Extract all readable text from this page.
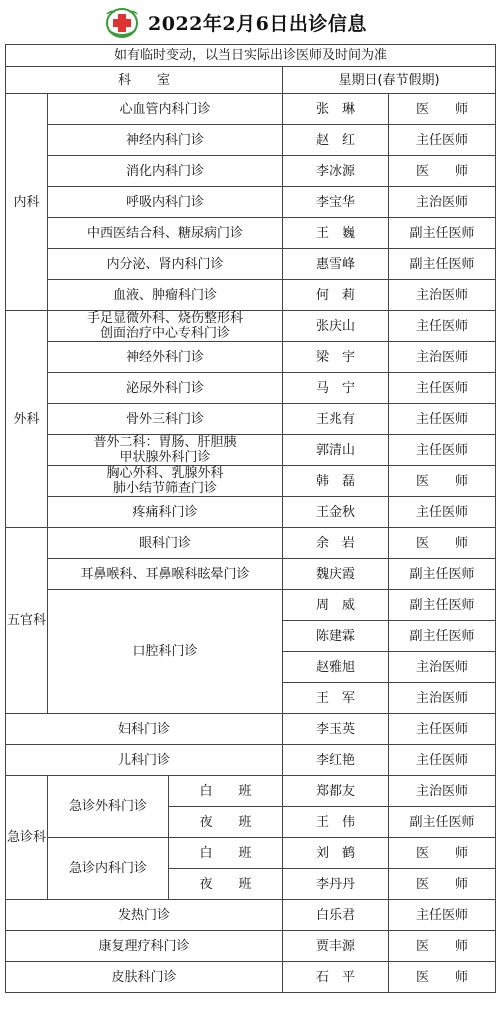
2022年2月6日出诊信息
如有临时变动，以当日实际出诊医师及时间为准				
科　　室			星期日(春节假期)	
内科	心血管内科门诊		张　琳	医　　师
	神经内科门诊		赵　红	主任医师
	消化内科门诊		李冰源	医　　师
	呼吸内科门诊		李宝华	主治医师
	中西医结合科、糖尿病门诊		王　巍	副主任医师
	内分泌、肾内科门诊		惠雪峰	副主任医师
	血液、肿瘤科门诊		何　莉	主治医师
外科	手足显微外科、烧伤整形科
创面治疗中心专科门诊		张庆山	主任医师
	神经外科门诊		梁　宇	主治医师
	泌尿外科门诊		马　宁	主任医师
	骨外三科门诊		王兆有	主任医师

	普外二科：胃肠、肝胆胰
甲状腺外科门诊		郭清山	主任医师

	胸心外科、乳腺外科
肺小结节筛查门诊		韩　磊	医　　师
	疼痛科门诊		王金秋	主任医师
五官科	眼科门诊		余　岩	医　　师
	耳鼻喉科、耳鼻喉科眩晕门诊		魏庆霞	副主任医师
	口腔科门诊		周　威	副主任医师
			陈建霖	副主任医师
			赵雅旭	主治医师
			王　军	主治医师
妇科门诊			李玉英	主任医师
儿科门诊			李红艳	主任医师
急诊科	急诊外科门诊	白　　班	郑都友	主治医师
		夜　　班	王　伟	副主任医师
	急诊内科门诊	白　　班	刘　鹤	医　　师
		夜　　班	李丹丹	医　　师
发热门诊			白乐君	主任医师
康复理疗科门诊			贾丰源	医　　师
皮肤科门诊			石　平	医　　师
